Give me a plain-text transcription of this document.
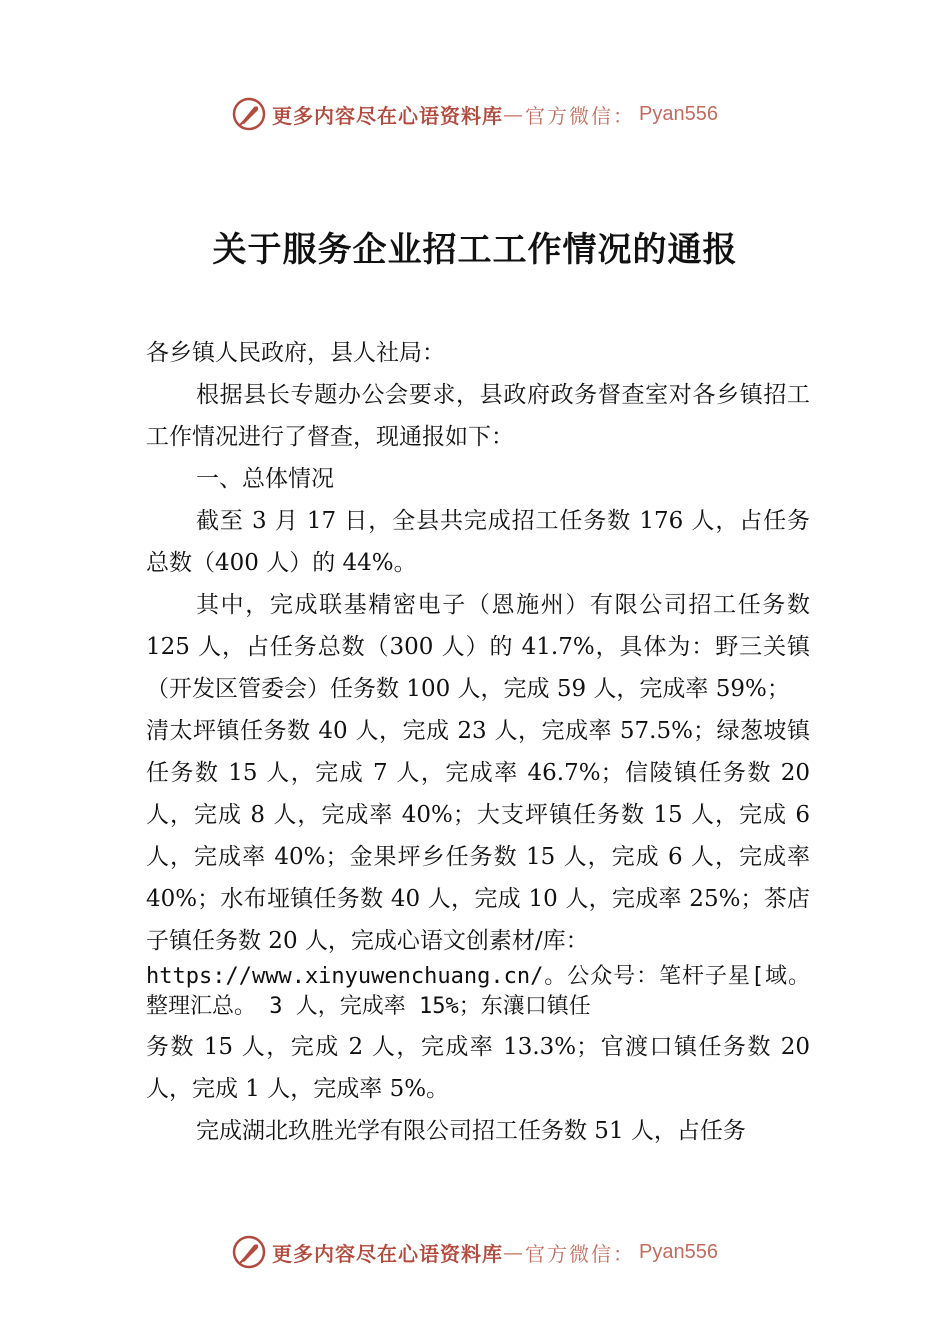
更多内容尽在心语资料库 — 官方微信： Pyan556
关于服务企业招工工作情况的通报

各乡镇人民政府，县人社局：

根据县长专题办公会要求，县政府政务督查室对各乡镇招工工作情况进行了督查，现通报如下：

一、总体情况

截至 3 月 17 日，全县共完成招工任务数 176 人，占任务总数（400 人）的 44%。

其中，完成联基精密电子（恩施州）有限公司招工任务数 125 人，占任务总数（300 人）的 41.7%，具体为：野三关镇（开发区管委会）任务数 100 人，完成 59 人，完成率 59%；

清太坪镇任务数 40 人，完成 23 人，完成率 57.5%；绿葱坡镇任务数 15 人，完成 7 人，完成率 46.7%；信陵镇任务数 20 人，完成 8 人，完成率 40%；大支坪镇任务数 15 人，完成 6 人，完成率 40%；金果坪乡任务数 15 人，完成 6 人，完成率 40%；水布垭镇任务数 40 人，完成 10 人，完成率 25%；茶店子镇任务数 20 人，完成心语文创素材/库：

https://www.xinyuwenchuang.cn/。公众号：笔杆子星[域。整理汇总。 3 人，完成率 15%；东瀼口镇任

务数 15 人，完成 2 人，完成率 13.3%；官渡口镇任务数 20 人，完成 1 人，完成率 5%。

完成湖北玖胜光学有限公司招工任务数 51 人，占任务

更多内容尽在心语资料库 — 官方微信： Pyan556
